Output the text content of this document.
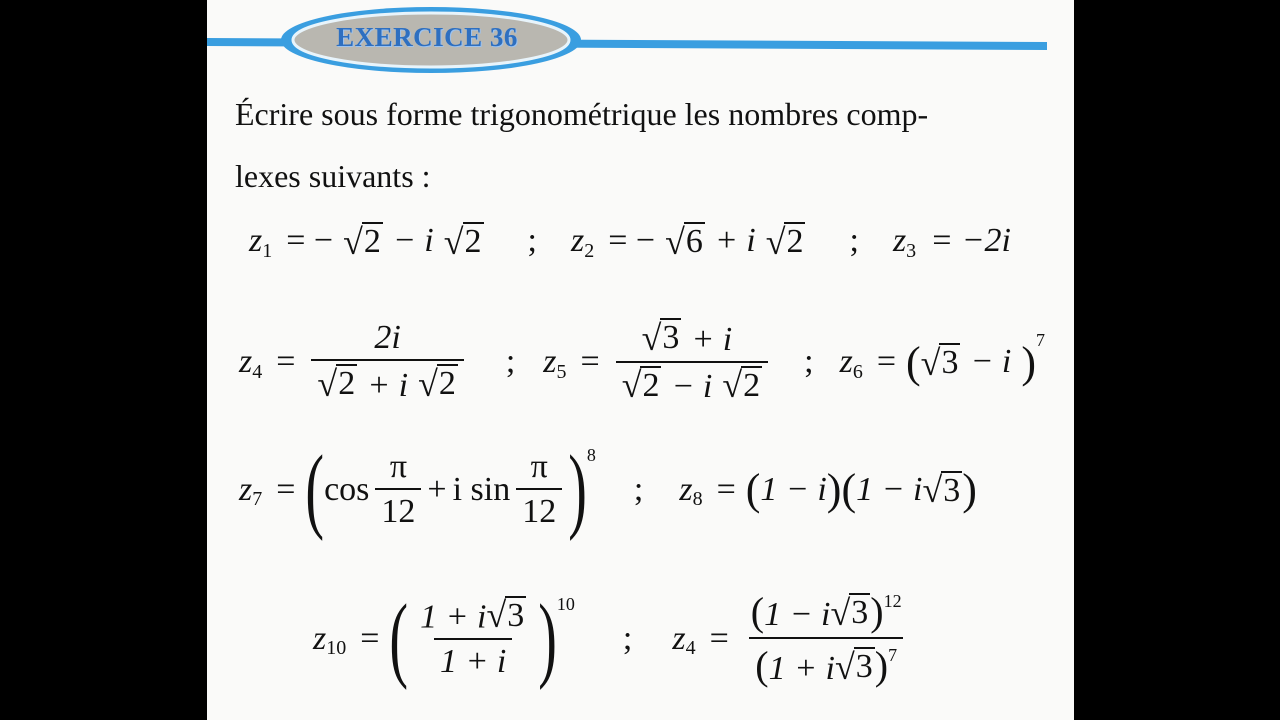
EXERCICE 36
Écrire sous forme trigonométrique les nombres comp-
lexes suivants :
z 1 = − √ 2 − i √ 2 ; z 2 = − √ 6 + i √ 2 ; z 3 = −2i
z $4 = \frac{2i}{√ 2 + i √ 2}$ ; z $5 = \frac{√ 3 + i}{√ 2 - i √ 2}$ ; z 6 = ( √ 3 − i ) 7
z 7 = ( $\cos \frac{\pi}{12} + i$ $\sin \frac{\pi}{12}$ ) 8
; z 8 = ( 1 − i ) ( 1 − i √ 3 )
z 10 = ( $\frac{1 + i √ 3}{1 + i}$ ) 10
; z $4 = \frac{(1 - i √ 3 )^{12}}{(1 + i √ 3 )^7}$
